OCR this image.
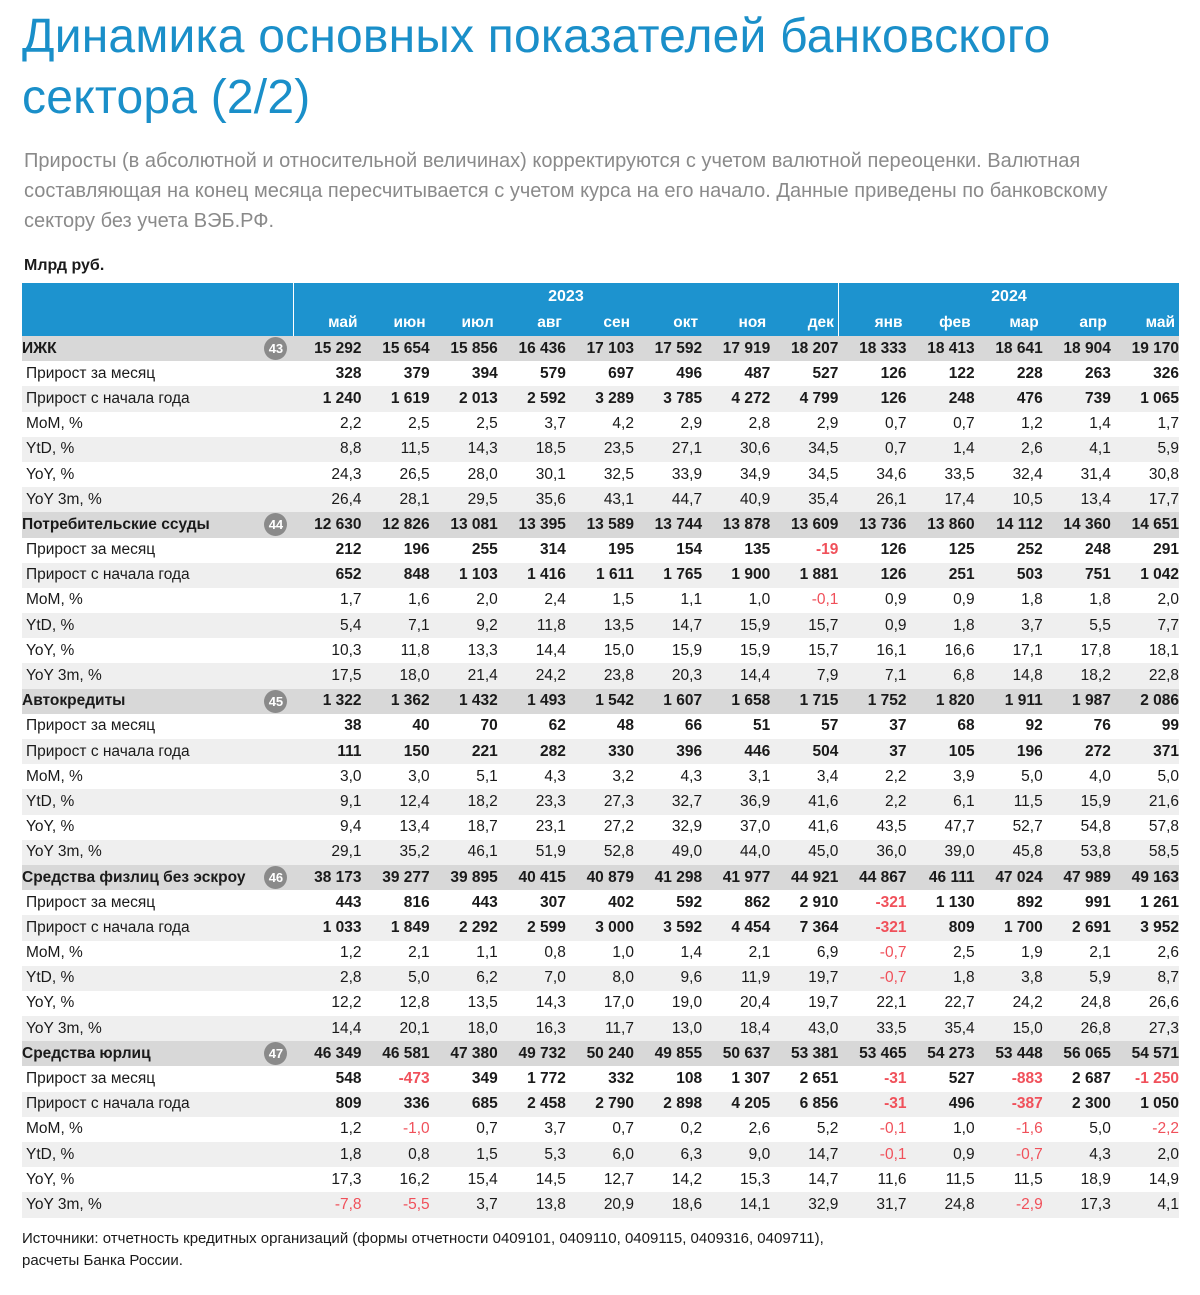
Динамика основных показателей банковского сектора (2/2)

Приросты (в абсолютной и относительной величинах) корректируются с учетом валютной переоценки. Валютная составляющая на конец месяца пересчитывается с учетом курса на его начало. Данные приведены по банковскому сектору без учета ВЭБ.РФ.

Млрд руб.

	2023								2024				
	май	июн	июл	авг	сен	окт	ноя	дек	янв	фев	мар	апр	май
ИЖК 43	15 292	15 654	15 856	16 436	17 103	17 592	17 919	18 207	18 333	18 413	18 641	18 904	19 170
Прирост за месяц	328	379	394	579	697	496	487	527	126	122	228	263	326
Прирост с начала года	1 240	1 619	2 013	2 592	3 289	3 785	4 272	4 799	126	248	476	739	1 065
MoM, %	2,2	2,5	2,5	3,7	4,2	2,9	2,8	2,9	0,7	0,7	1,2	1,4	1,7
YtD, %	8,8	11,5	14,3	18,5	23,5	27,1	30,6	34,5	0,7	1,4	2,6	4,1	5,9
YoY, %	24,3	26,5	28,0	30,1	32,5	33,9	34,9	34,5	34,6	33,5	32,4	31,4	30,8
YoY 3m, %	26,4	28,1	29,5	35,6	43,1	44,7	40,9	35,4	26,1	17,4	10,5	13,4	17,7
Потребительские ссуды 44	12 630	12 826	13 081	13 395	13 589	13 744	13 878	13 609	13 736	13 860	14 112	14 360	14 651
Прирост за месяц	212	196	255	314	195	154	135	-19	126	125	252	248	291
Прирост с начала года	652	848	1 103	1 416	1 611	1 765	1 900	1 881	126	251	503	751	1 042
MoM, %	1,7	1,6	2,0	2,4	1,5	1,1	1,0	-0,1	0,9	0,9	1,8	1,8	2,0
YtD, %	5,4	7,1	9,2	11,8	13,5	14,7	15,9	15,7	0,9	1,8	3,7	5,5	7,7
YoY, %	10,3	11,8	13,3	14,4	15,0	15,9	15,9	15,7	16,1	16,6	17,1	17,8	18,1
YoY 3m, %	17,5	18,0	21,4	24,2	23,8	20,3	14,4	7,9	7,1	6,8	14,8	18,2	22,8
Автокредиты 45	1 322	1 362	1 432	1 493	1 542	1 607	1 658	1 715	1 752	1 820	1 911	1 987	2 086
Прирост за месяц	38	40	70	62	48	66	51	57	37	68	92	76	99
Прирост с начала года	111	150	221	282	330	396	446	504	37	105	196	272	371
MoM, %	3,0	3,0	5,1	4,3	3,2	4,3	3,1	3,4	2,2	3,9	5,0	4,0	5,0
YtD, %	9,1	12,4	18,2	23,3	27,3	32,7	36,9	41,6	2,2	6,1	11,5	15,9	21,6
YoY, %	9,4	13,4	18,7	23,1	27,2	32,9	37,0	41,6	43,5	47,7	52,7	54,8	57,8
YoY 3m, %	29,1	35,2	46,1	51,9	52,8	49,0	44,0	45,0	36,0	39,0	45,8	53,8	58,5
Средства физлиц без эскроу 46	38 173	39 277	39 895	40 415	40 879	41 298	41 977	44 921	44 867	46 111	47 024	47 989	49 163
Прирост за месяц	443	816	443	307	402	592	862	2 910	-321	1 130	892	991	1 261
Прирост с начала года	1 033	1 849	2 292	2 599	3 000	3 592	4 454	7 364	-321	809	1 700	2 691	3 952
MoM, %	1,2	2,1	1,1	0,8	1,0	1,4	2,1	6,9	-0,7	2,5	1,9	2,1	2,6
YtD, %	2,8	5,0	6,2	7,0	8,0	9,6	11,9	19,7	-0,7	1,8	3,8	5,9	8,7
YoY, %	12,2	12,8	13,5	14,3	17,0	19,0	20,4	19,7	22,1	22,7	24,2	24,8	26,6
YoY 3m, %	14,4	20,1	18,0	16,3	11,7	13,0	18,4	43,0	33,5	35,4	15,0	26,8	27,3
Средства юрлиц 47	46 349	46 581	47 380	49 732	50 240	49 855	50 637	53 381	53 465	54 273	53 448	56 065	54 571
Прирост за месяц	548	-473	349	1 772	332	108	1 307	2 651	-31	527	-883	2 687	-1 250
Прирост с начала года	809	336	685	2 458	2 790	2 898	4 205	6 856	-31	496	-387	2 300	1 050
MoM, %	1,2	-1,0	0,7	3,7	0,7	0,2	2,6	5,2	-0,1	1,0	-1,6	5,0	-2,2
YtD, %	1,8	0,8	1,5	5,3	6,0	6,3	9,0	14,7	-0,1	0,9	-0,7	4,3	2,0
YoY, %	17,3	16,2	15,4	14,5	12,7	14,2	15,3	14,7	11,6	11,5	11,5	18,9	14,9
YoY 3m, %	-7,8	-5,5	3,7	13,8	20,9	18,6	14,1	32,9	31,7	24,8	-2,9	17,3	4,1

Источники: отчетность кредитных организаций (формы отчетности 0409101, 0409110, 0409115, 0409316, 0409711),
расчеты Банка России.
